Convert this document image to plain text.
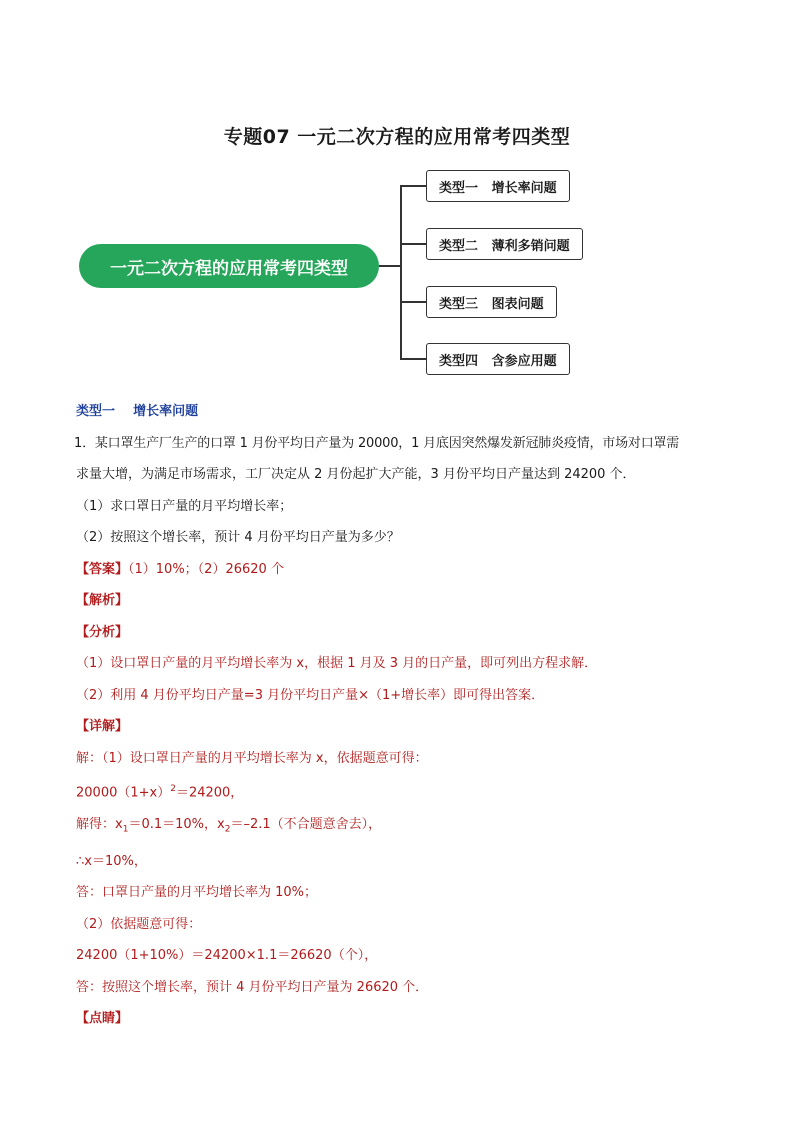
专题07 一元二次方程的应用常考四类型
一元二次方程的应用常考四类型
类型一   增长率问题
类型二   薄利多销问题
类型三   图表问题
类型四   含参应用题

类型一    增长率问题

1．某口罩生产厂生产的口罩 1 月份平均日产量为 20000，1 月底因突然爆发新冠肺炎疫情，市场对口罩需

求量大增，为满足市场需求，工厂决定从 2 月份起扩大产能，3 月份平均日产量达到 24200 个．

（1）求口罩日产量的月平均增长率；

（2）按照这个增长率，预计 4 月份平均日产量为多少？

【答案】（1）10%；（2）26620 个

【解析】

【分析】

（1）设口罩日产量的月平均增长率为 x，根据 1 月及 3 月的日产量，即可列出方程求解．

（2）利用 4 月份平均日产量=3 月份平均日产量×（1+增长率）即可得出答案．

【详解】

解：（1）设口罩日产量的月平均增长率为 x，依据题意可得：

$20000(1+x)^2=24200$，

解得：$x_1=0.1=10\%$，$x_2=-2.1$（不合题意舍去），

∴x＝10%，

答：口罩日产量的月平均增长率为 10%；

（2）依据题意可得：

24200（1+10%）＝24200×1.1＝26620（个），

答：按照这个增长率，预计 4 月份平均日产量为 26620 个．

【点睛】
